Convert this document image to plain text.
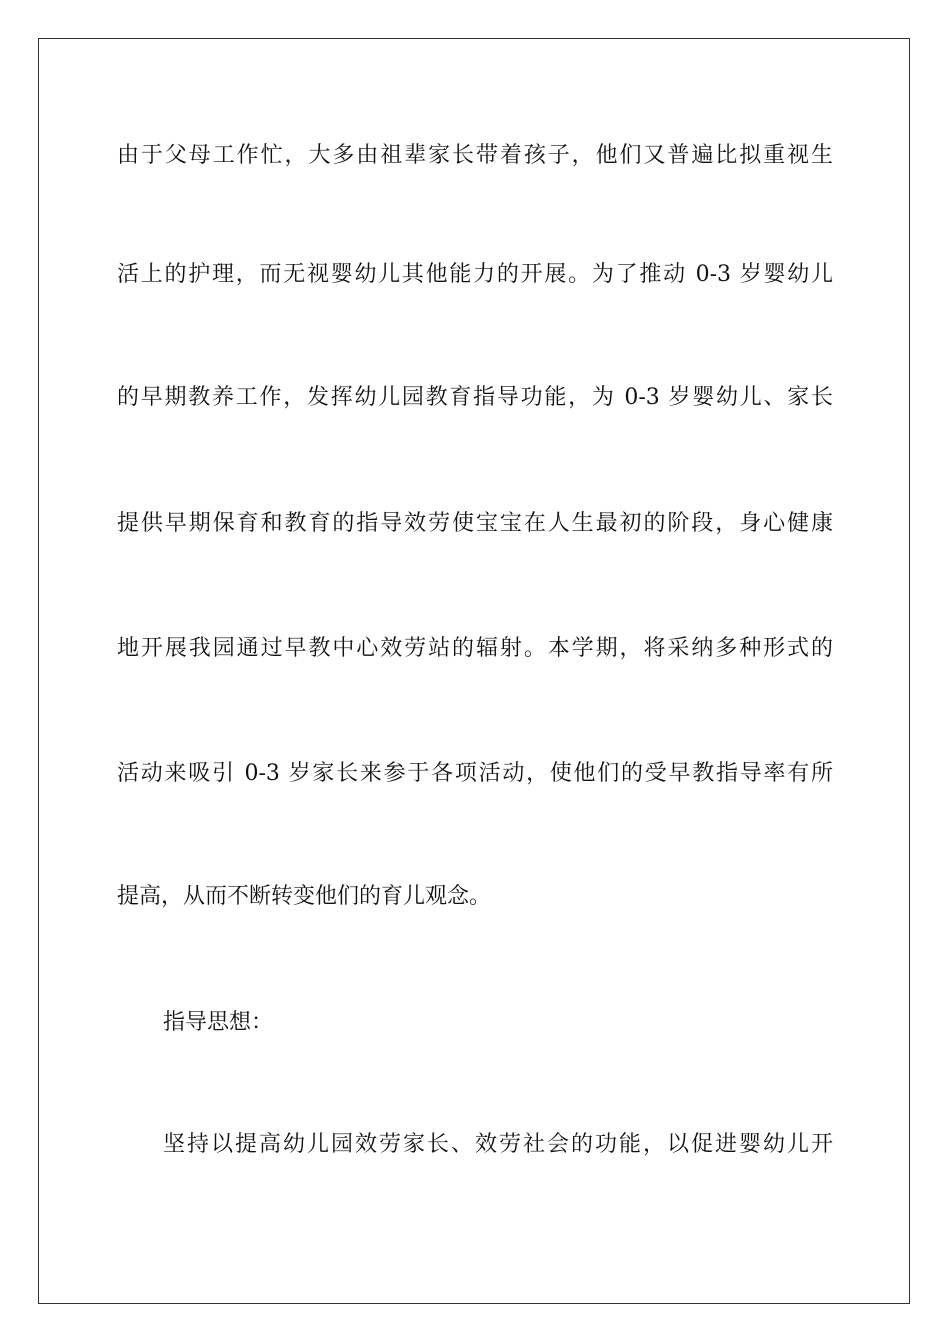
由于父母工作忙，大多由祖辈家长带着孩子，他们又普遍比拟重视生
活上的护理，而无视婴幼儿其他能力的开展。为了推动 0-3 岁婴幼儿
的早期教养工作，发挥幼儿园教育指导功能，为 0-3 岁婴幼儿、家长
提供早期保育和教育的指导效劳使宝宝在人生最初的阶段，身心健康
地开展我园通过早教中心效劳站的辐射。本学期，将采纳多种形式的
活动来吸引 0-3 岁家长来参于各项活动，使他们的受早教指导率有所
提高，从而不断转变他们的育儿观念。
指导思想：
坚持以提高幼儿园效劳家长、效劳社会的功能，以促进婴幼儿开
